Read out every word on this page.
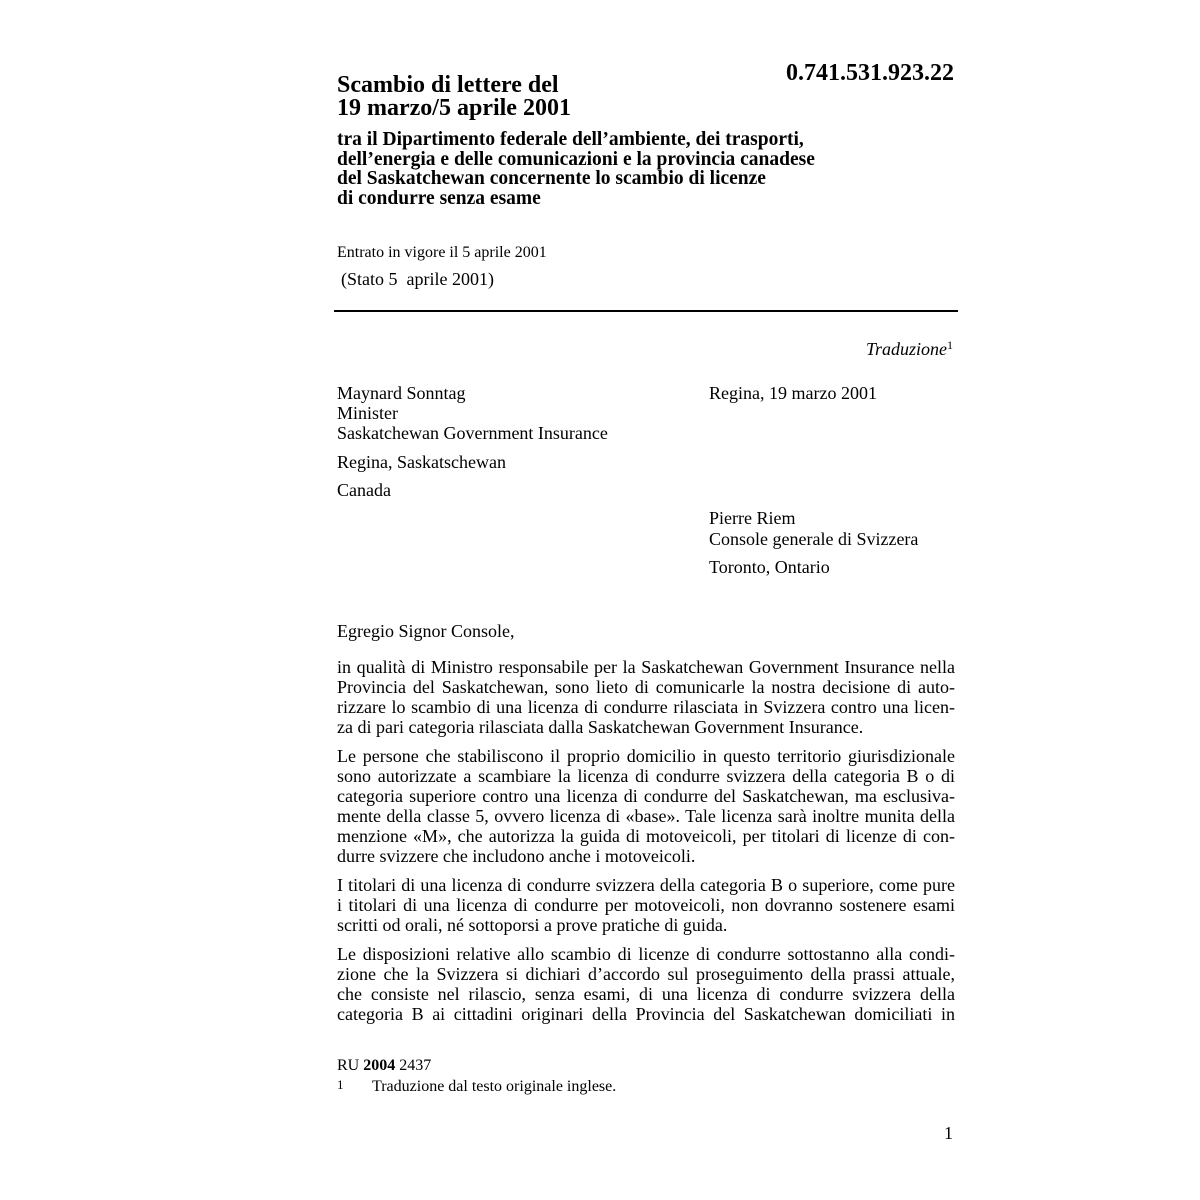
0.741.531.923.22
Scambio di lettere del
19 marzo/5 aprile 2001
tra il Dipartimento federale dell’ambiente, dei trasporti,
dell’energia e delle comunicazioni e la provincia canadese
del Saskatchewan concernente lo scambio di licenze
di condurre senza esame
Entrato in vigore il 5 aprile 2001
(Stato 5  aprile 2001)
Traduzione$^1$
Maynard Sonntag
Minister
Saskatchewan Government Insurance
Regina, Saskatschewan
Canada
Regina, 19 marzo 2001
Pierre Riem
Console generale di Svizzera
Toronto, Ontario
Egregio Signor Console,
in qualità di Ministro responsabile per la Saskatchewan Government Insurance nella
Provincia del Saskatchewan, sono lieto di comunicarle la nostra decisione di auto-
rizzare lo scambio di una licenza di condurre rilasciata in Svizzera contro una licen-
za di pari categoria rilasciata dalla Saskatchewan Government Insurance.
Le persone che stabiliscono il proprio domicilio in questo territorio giurisdizionale
sono autorizzate a scambiare la licenza di condurre svizzera della categoria B o di
categoria superiore contro una licenza di condurre del Saskatchewan, ma esclusiva-
mente della classe 5, ovvero licenza di «base». Tale licenza sarà inoltre munita della
menzione «M», che autorizza la guida di motoveicoli, per titolari di licenze di con-
durre svizzere che includono anche i motoveicoli.
I titolari di una licenza di condurre svizzera della categoria B o superiore, come pure
i titolari di una licenza di condurre per motoveicoli, non dovranno sostenere esami
scritti od orali, né sottoporsi a prove pratiche di guida.
Le disposizioni relative allo scambio di licenze di condurre sottostanno alla condi-
zione che la Svizzera si dichiari d’accordo sul proseguimento della prassi attuale,
che consiste nel rilascio, senza esami, di una licenza di condurre svizzera della
categoria B ai cittadini originari della Provincia del Saskatchewan domiciliati in
RU 2004 2437
1 Traduzione dal testo originale inglese.
1
